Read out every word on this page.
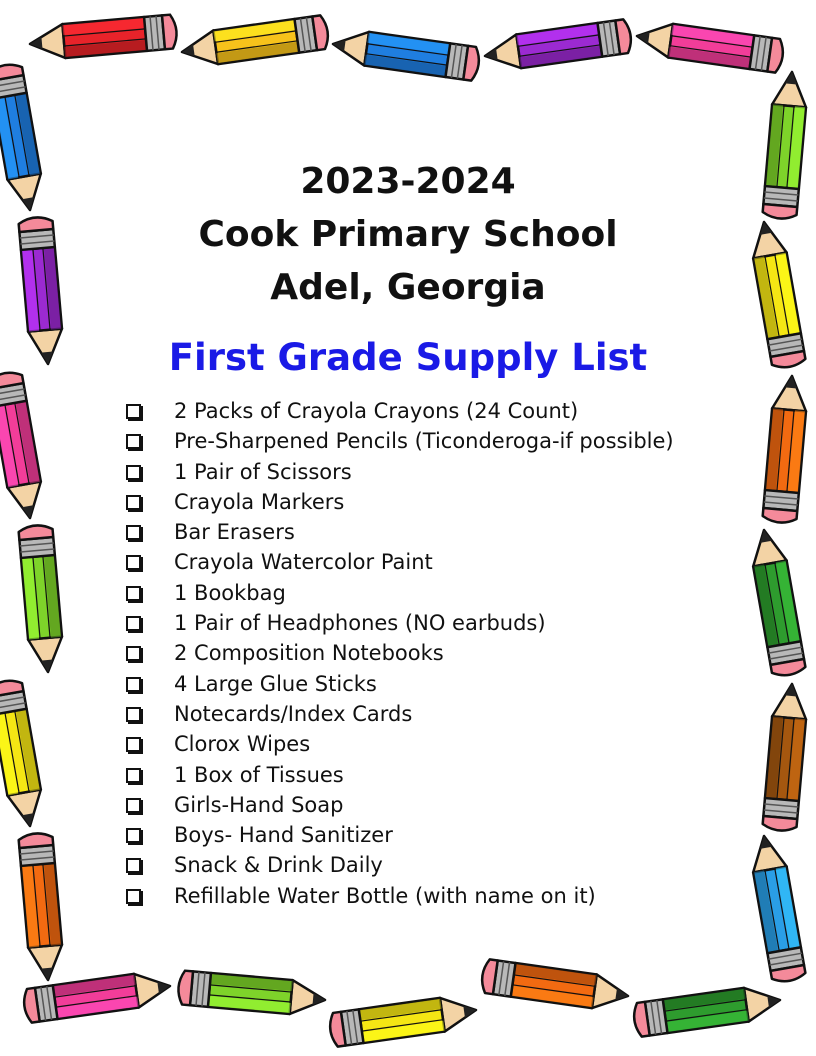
2023-2024
Cook Primary School
Adel, Georgia
First Grade Supply List
2 Packs of Crayola Crayons (24 Count)
Pre-Sharpened Pencils (Ticonderoga-if possible)
1 Pair of Scissors
Crayola Markers
Bar Erasers
Crayola Watercolor Paint
1 Bookbag
1 Pair of Headphones (NO earbuds)
2 Composition Notebooks
4 Large Glue Sticks
Notecards/Index Cards
Clorox Wipes
1 Box of Tissues
Girls-Hand Soap
Boys- Hand Sanitizer
Snack & Drink Daily
Refillable Water Bottle (with name on it)
